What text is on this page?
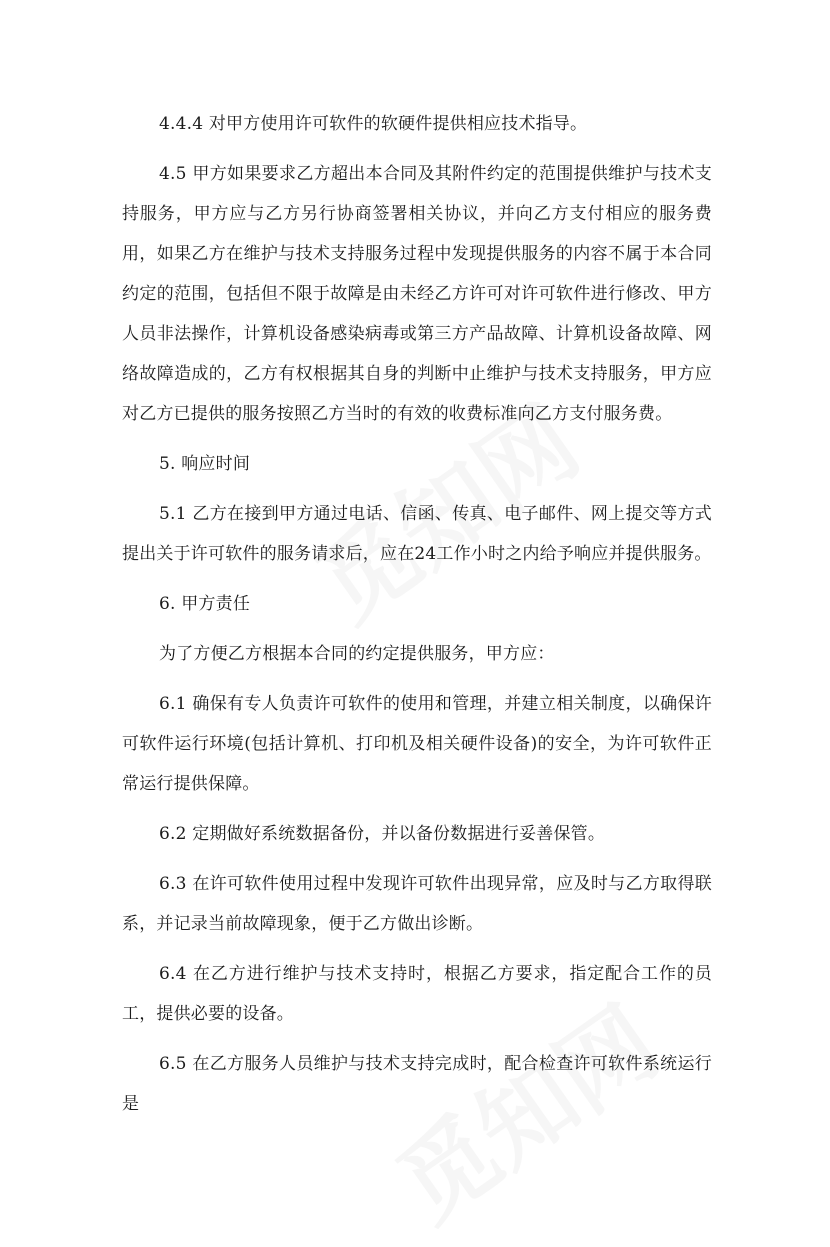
4.4.4 对甲方使用许可软件的软硬件提供相应技术指导。

4.5 甲方如果要求乙方超出本合同及其附件约定的范围提供维护与技术支持服务，甲方应与乙方另行协商签署相关协议，并向乙方支付相应的服务费用，如果乙方在维护与技术支持服务过程中发现提供服务的内容不属于本合同约定的范围，包括但不限于故障是由未经乙方许可对许可软件进行修改、甲方人员非法操作，计算机设备感染病毒或第三方产品故障、计算机设备故障、网络故障造成的，乙方有权根据其自身的判断中止维护与技术支持服务，甲方应对乙方已提供的服务按照乙方当时的有效的收费标准向乙方支付服务费。

5. 响应时间

5.1 乙方在接到甲方通过电话、信函、传真、电子邮件、网上提交等方式提出关于许可软件的服务请求后，应在24工作小时之内给予响应并提供服务。

6. 甲方责任

为了方便乙方根据本合同的约定提供服务，甲方应：

6.1 确保有专人负责许可软件的使用和管理，并建立相关制度，以确保许可软件运行环境(包括计算机、打印机及相关硬件设备)的安全，为许可软件正常运行提供保障。

6.2 定期做好系统数据备份，并以备份数据进行妥善保管。

6.3 在许可软件使用过程中发现许可软件出现异常，应及时与乙方取得联系，并记录当前故障现象，便于乙方做出诊断。

6.4 在乙方进行维护与技术支持时，根据乙方要求，指定配合工作的员工，提供必要的设备。

6.5 在乙方服务人员维护与技术支持完成时，配合检查许可软件系统运行是
